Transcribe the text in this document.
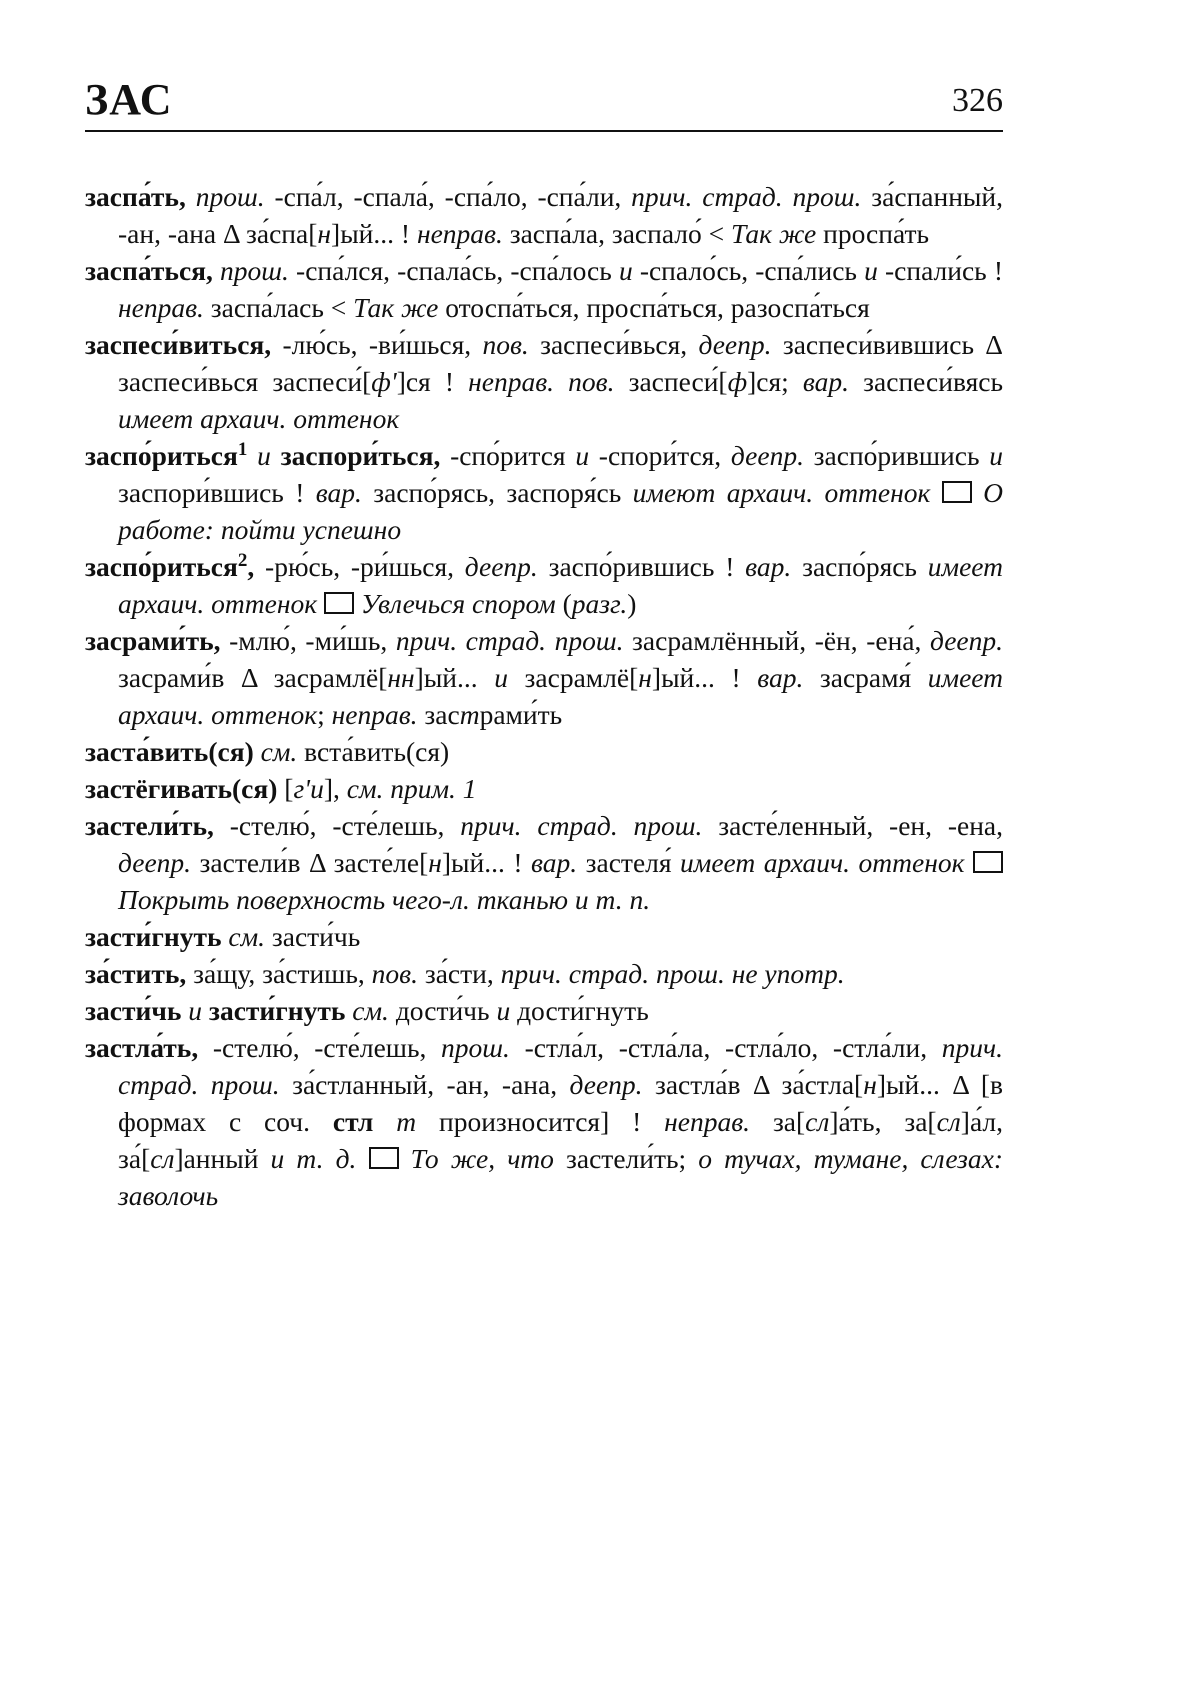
ЗАС	326

заспа́ть, прош. -спа́л, -спала́, -спа́ло, -спа́ли, прич. страд. прош. за́спанный, -ан, -ана Δ за́спа[н]ый... ! неправ. заспа́ла, заспало́ < Так же проспа́ть

заспа́ться, прош. -спа́лся, -спала́сь, -спа́лось и -спало́сь, -спа́лись и -спали́сь ! неправ. заспа́лась < Так же отоспа́ться, проспа́ться, разоспа́ться

заспеси́виться, -лю́сь, -ви́шься, пов. заспеси́вься, деепр. заспеси́вившись Δ заспеси́вься заспеси́[ф']ся ! неправ. пов. заспеси́[ф]ся; вар. заспеси́вясь имеет архаич. оттенок

заспо́риться$^1$ и заспори́ться, -спо́рится и -спори́тся, деепр. заспо́рившись и заспори́вшись ! вар. заспо́рясь, заспоря́сь имеют архаич. оттенок  О работе: пойти успешно

заспо́риться$^2$, -рю́сь, -ри́шься, деепр. заспо́рившись ! вар. заспо́рясь имеет архаич. оттенок  Увлечься спором (разг.)

засрами́ть, -млю́, -ми́шь, прич. страд. прош. засрамлённый, -ён, -ена́, деепр. засрами́в Δ засрамлё[нн]ый... и засрамлё[н]ый... ! вар. засрамя́ имеет архаич. оттенок; неправ. застрами́ть

заста́вить(ся) см. вста́вить(ся)

застёгивать(ся) [г'и], см. прим. 1

застели́ть, -стелю́, -сте́лешь, прич. страд. прош. засте́ленный, -ен, -ена, деепр. застели́в Δ засте́ле[н]ый... ! вар. застеля́ имеет архаич. оттенок  Покрыть поверхность чего-л. тканью и т. п.

засти́гнуть см. засти́чь

за́стить, за́щу, за́стишь, пов. за́сти, прич. страд. прош. не употр.

засти́чь и засти́гнуть см. дости́чь и дости́гнуть

застла́ть, -стелю́, -сте́лешь, прош. -стла́л, -стла́ла, -стла́ло, -стла́ли, прич. страд. прош. за́стланный, -ан, -ана, деепр. застла́в Δ за́стла[н]ый... Δ [в формах с соч. стл т произносится] ! неправ. за[сл]а́ть, за[сл]а́л, за́[сл]анный и т. д.  То же, что застели́ть; о тучах, тумане, слезах: заволочь
